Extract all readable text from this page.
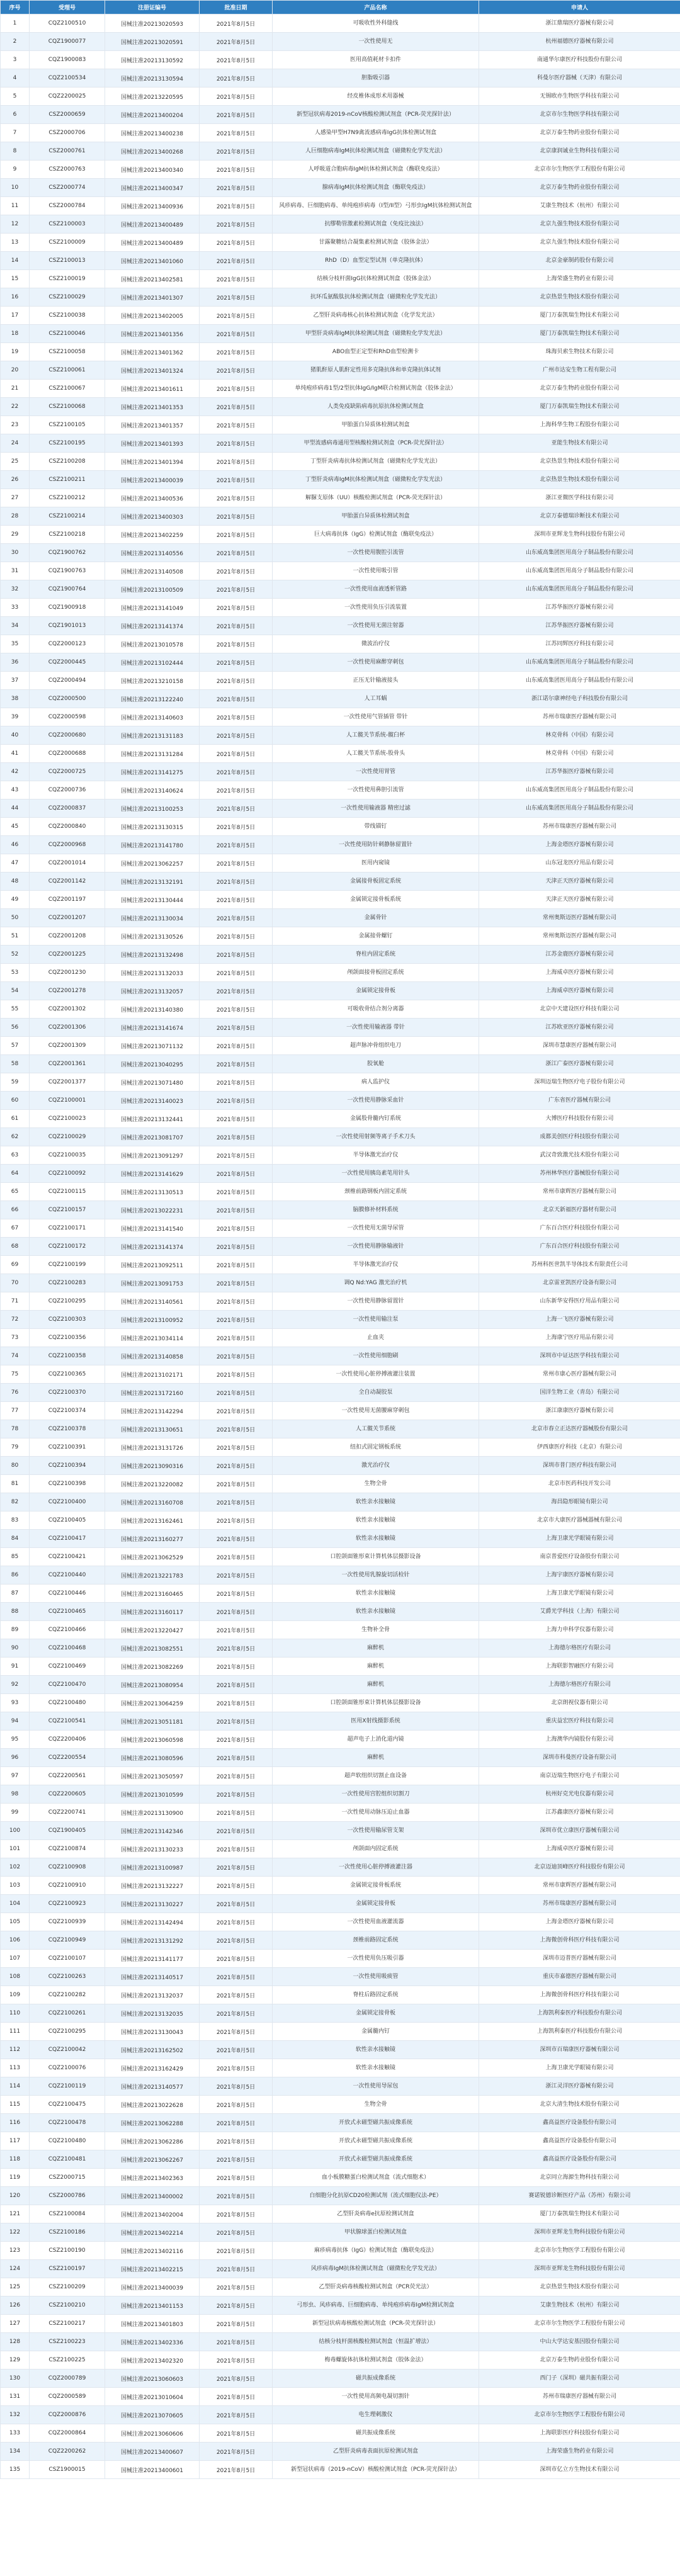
序号	受理号	注册证编号	批准日期	产品名称	申请人
1	CQZ2100510	国械注准20213020593	2021年8月5日	可吸收性外科缝线	浙江鼎瑞医疗器械有限公司
2	CQZ1900077	国械注准20213020591	2021年8月5日	一次性使用无	杭州福德医疗器械有限公司
3	CQZ1900083	国械注准20213130592	2021年8月5日	医用高值耗材卡扣件	南通华尔康医疗科技股份有限公司
4	CQZ2100534	国械注准20213130594	2021年8月5日	胆脂吸引器	科曼尔医疗器械（天津）有限公司
5	CQZ2200025	国械注准20213220595	2021年8月5日	经皮椎体成形术用器械	无锡欧亦生物医学科技有限公司
6	CSZ2000659	国械注准20213400204	2021年8月5日	新型冠状病毒2019-nCoV核酸检测试剂盒（PCR-荧光探针法）	北京市尔生物医学科技有限公司
7	CSZ2000706	国械注准20213400238	2021年8月5日	人感染甲型H7N9禽流感病毒IgG抗体检测试剂盒	北京万泰生物药业股份有限公司
8	CSZ2000761	国械注准20213400268	2021年8月5日	人巨细胞病毒IgM抗体检测试剂盒（磁微粒化学发光法）	北京康润诚业生物科技有限公司
9	CSZ2000763	国械注准20213400340	2021年8月5日	人呼吸道合胞病毒IgM抗体检测试剂盒（酶联免疫法）	北京市尔生物医学工程股份有限公司
10	CSZ2000774	国械注准20213400347	2021年8月5日	腺病毒IgM抗体检测试剂盒（酶联免疫法）	北京万泰生物药业股份有限公司
11	CSZ2000784	国械注准20213400936	2021年8月5日	风疹病毒、巨细胞病毒、单纯疱疹病毒（I型/II型）弓形虫IgM抗体检测试剂盒	艾康生物技术（杭州）有限公司
12	CSZ2100003	国械注准20213400489	2021年8月5日	抗缪勒管激素检测试剂盒（免疫比浊法）	北京九强生物技术股份有限公司
13	CSZ2100009	国械注准20213400489	2021年8月5日	甘露聚糖结合凝集素检测试剂盒（胶体金法）	北京九强生物技术股份有限公司
14	CSZ2100013	国械注准20213401060	2021年8月5日	RhD（D）血型定型试剂（单克隆抗体）	北京金豪制药股份有限公司
15	CSZ2100019	国械注准20213402581	2021年8月5日	结核分枝杆菌IgG抗体检测试剂盒（胶体金法）	上海荣盛生物药业有限公司
16	CSZ2100029	国械注准20213401307	2021年8月5日	抗环瓜氨酸肽抗体检测试剂盒（磁微粒化学发光法）	北京热景生物技术股份有限公司
17	CSZ2100038	国械注准20213402005	2021年8月5日	乙型肝炎病毒核心抗体检测试剂盒（化学发光法）	厦门万泰凯瑞生物技术有限公司
18	CSZ2100046	国械注准20213401356	2021年8月5日	甲型肝炎病毒IgM抗体检测试剂盒（磁微粒化学发光法）	厦门万泰凯瑞生物技术有限公司
19	CSZ2100058	国械注准20213401362	2021年8月5日	ABO血型正定型和RhD血型检测卡	珠海贝索生物技术有限公司
20	CSZ2100061	国械注准20213401324	2021年8月5日	猪肌酐原人肌酐定性用多克隆抗体和单克隆抗体试剂	广州市达安生物工程有限公司
21	CSZ2100067	国械注准20213401611	2021年8月5日	单纯疱疹病毒1型/2型抗体IgG/IgM联合检测试剂盒（胶体金法）	北京万泰生物药业股份有限公司
22	CSZ2100068	国械注准20213401353	2021年8月5日	人类免疫缺陷病毒抗原抗体检测试剂盒	厦门万泰凯瑞生物技术有限公司
23	CSZ2100105	国械注准20213401357	2021年8月5日	甲胎蛋白异质体检测试剂盒	上海科华生物工程股份有限公司
24	CSZ2100195	国械注准20213401393	2021年8月5日	甲型流感病毒通用型核酸检测试剂盒（PCR-荧光探针法）	亚能生物技术有限公司
25	CSZ2100208	国械注准20213401394	2021年8月5日	丁型肝炎病毒抗体检测试剂盒（磁微粒化学发光法）	北京热景生物技术股份有限公司
26	CSZ2100211	国械注准20213400039	2021年8月5日	丁型肝炎病毒IgM抗体检测试剂盒（磁微粒化学发光法）	北京热景生物技术股份有限公司
27	CSZ2100212	国械注准20213400536	2021年8月5日	解脲支原体（UU）核酸检测试剂盒（PCR-荧光探针法）	浙江亚微医学科技有限公司
28	CSZ2100214	国械注准20213400303	2021年8月5日	甲胎蛋白异质体检测试剂盒	北京万泰德瑞诊断技术有限公司
29	CSZ2100218	国械注准20213402259	2021年8月5日	巨大病毒抗体（IgG）检测试剂盒（酶联免疫法）	深圳市亚辉龙生物科技股份有限公司
30	CQZ1900762	国械注准20213140556	2021年8月5日	一次性使用腹腔引流管	山东威高集团医用高分子制品股份有限公司
31	CQZ1900763	国械注准20213140508	2021年8月5日	一次性使用吸引管	山东威高集团医用高分子制品股份有限公司
32	CQZ1900764	国械注准20213100509	2021年8月5日	一次性使用血液透析管路	山东威高集团医用高分子制品股份有限公司
33	CQZ1900918	国械注准20213141049	2021年8月5日	一次性使用负压引流装置	江苏华振医疗器械有限公司
34	CQZ1901013	国械注准20213141374	2021年8月5日	一次性使用无菌注射器	江苏华振医疗器械有限公司
35	CQZ2000123	国械注准20213010578	2021年8月5日	微波治疗仪	江苏同辉医疗科技有限公司
36	CQZ2000445	国械注准20213102444	2021年8月5日	一次性使用麻醉穿刺包	山东威高集团医用高分子制品股份有限公司
37	CQZ2000494	国械注准20213210158	2021年8月5日	正压无针输液接头	山东威高集团医用高分子制品股份有限公司
38	CQZ2000500	国械注准20213122240	2021年8月5日	人工耳蜗	浙江诺尔康神经电子科技股份有限公司
39	CQZ2000598	国械注准20213140603	2021年8月5日	一次性使用气管插管 带针	苏州市瑞康医疗器械有限公司
40	CQZ2000680	国械注准20213131183	2021年8月5日	人工髋关节系统-髋臼杯	林克骨科（中国）有限公司
41	CQZ2000688	国械注准20213131284	2021年8月5日	人工髋关节系统-股骨头	林克骨科（中国）有限公司
42	CQZ2000725	国械注准20213141275	2021年8月5日	一次性使用胃管	江苏华振医疗器械有限公司
43	CQZ2000736	国械注准20213140624	2021年8月5日	一次性使用鼻胆引流管	山东威高集团医用高分子制品股份有限公司
44	CQZ2000837	国械注准20213100253	2021年8月5日	一次性使用输液器 精密过滤	山东威高集团医用高分子制品股份有限公司
45	CQZ2000840	国械注准20213130315	2021年8月5日	带线锚钉	苏州市瑞康医疗器械有限公司
46	CQZ2000968	国械注准20213141780	2021年8月5日	一次性使用防针刺静脉留置针	上海金塔医疗器械有限公司
47	CQZ2001014	国械注准20213062257	2021年8月5日	医用内窥镜	山东冠龙医疗用品有限公司
48	CQZ2001142	国械注准20213132191	2021年8月5日	金属接骨板固定系统	天津正天医疗器械有限公司
49	CQZ2001197	国械注准20213130444	2021年8月5日	金属锁定接骨板系统	天津正天医疗器械有限公司
50	CQZ2001207	国械注准20213130034	2021年8月5日	金属骨针	常州奥斯迈医疗器械有限公司
51	CQZ2001208	国械注准20213130526	2021年8月5日	金属接骨螺钉	常州奥斯迈医疗器械有限公司
52	CQZ2001225	国械注准20213132498	2021年8月5日	脊柱内固定系统	江苏金鹿医疗器械有限公司
53	CQZ2001230	国械注准20213132033	2021年8月5日	颅颌面接骨板固定系统	上海威卓医疗器械有限公司
54	CQZ2001278	国械注准20213132057	2021年8月5日	金属锁定接骨板	上海威卓医疗器械有限公司
55	CQZ2001302	国械注准20213140380	2021年8月5日	可吸收骨结合剂分离器	北京中天建设医疗科技有限公司
56	CQZ2001306	国械注准20213141674	2021年8月5日	一次性使用输液器 带针	江苏欧亚医疗器械有限公司
57	CQZ2001309	国械注准20213071132	2021年8月5日	超声脉冲骨组织电刀	深圳市慧康医疗器械有限公司
58	CQZ2001361	国械注准20213040295	2021年8月5日	胶氧舱	浙江广泰医疗器械有限公司
59	CQZ2001377	国械注准20213071480	2021年8月5日	病人监护仪	深圳迈瑞生物医疗电子股份有限公司
60	CQZ2100001	国械注准20213140023	2021年8月5日	一次性使用静脉采血针	广东省医疗器械有限公司
61	CQZ2100023	国械注准20213132441	2021年8月5日	金属股骨髓内钉系统	大博医疗科技股份有限公司
62	CQZ2100029	国械注准20213081707	2021年8月5日	一次性使用射频等离子手术刀头	成都美创医疗科技股份有限公司
63	CQZ2100035	国械注准20213091297	2021年8月5日	半导体激光治疗仪	武汉奇致激光技术股份有限公司
64	CQZ2100092	国械注准20213141629	2021年8月5日	一次性使用胰岛素笔用针头	苏州林华医疗器械股份有限公司
65	CQZ2100115	国械注准20213130513	2021年8月5日	颈椎前路钢板内固定系统	常州市康辉医疗器械有限公司
66	CQZ2100157	国械注准20213022231	2021年8月5日	脑膜修补材料系统	北京天新福医疗器材有限公司
67	CQZ2100171	国械注准20213141540	2021年8月5日	一次性使用无菌导尿管	广东百合医疗科技股份有限公司
68	CQZ2100172	国械注准20213141374	2021年8月5日	一次性使用静脉输液针	广东百合医疗科技股份有限公司
69	CQZ2100199	国械注准20213092511	2021年8月5日	半导体激光治疗仪	苏州科医世凯半导体技术有限责任公司
70	CQZ2100283	国械注准20213091753	2021年8月5日	调Q Nd:YAG 激光治疗机	北京雷亚凯医疗设备有限公司
71	CQZ2100295	国械注准20213140561	2021年8月5日	一次性使用静脉留置针	山东新华安得医疗用品有限公司
72	CQZ2100303	国械注准20213100952	2021年8月5日	一次性使用输注泵	上海一飞医疗器械有限公司
73	CQZ2100356	国械注准20213034114	2021年8月5日	止血夹	上海康宁医疗用品有限公司
74	CQZ2100358	国械注准20213140858	2021年8月5日	一次性使用细胞刷	深圳市中证达医学科技有限公司
75	CQZ2100365	国械注准20213102171	2021年8月5日	一次性使用心脏停搏液灌注装置	常州市康心医疗器械有限公司
76	CQZ2100370	国械注准20213172160	2021年8月5日	全自动凝胶泵	国洋生物工业（青岛）有限公司
77	CQZ2100374	国械注准20213142294	2021年8月5日	一次性使用无菌腰麻穿刺包	浙江康康医疗器械有限公司
78	CQZ2100378	国械注准20213130651	2021年8月5日	人工髋关节系统	北京市春立正达医疗器械股份有限公司
79	CQZ2100391	国械注准20213131726	2021年8月5日	纽扣式固定钢板系统	伊西康医疗科技（北京）有限公司
80	CQZ2100394	国械注准20213090316	2021年8月5日	激光治疗仪	深圳市普门医疗科技有限公司
81	CQZ2100398	国械注准20213220082	2021年8月5日	生物全骨	北京市医药科技开发公司
82	CQZ2100400	国械注准20213160708	2021年8月5日	软性亲水接触镜	海昌隐形眼镜有限公司
83	CQZ2100405	国械注准20213162461	2021年8月5日	软性亲水接触镜	北京市大康医疗器械器械有限公司
84	CQZ2100417	国械注准20213160277	2021年8月5日	软性亲水接触镜	上海卫康光学眼镜有限公司
85	CQZ2100421	国械注准20213062529	2021年8月5日	口腔颌面锥形束计算机体层摄影设备	南京普爱医疗设备股份有限公司
86	CQZ2100440	国械注准20213221783	2021年8月5日	一次性使用乳腺旋切活检针	上海宇康医疗器械有限公司
87	CQZ2100446	国械注准20213160465	2021年8月5日	软性亲水接触镜	上海卫康光学眼镜有限公司
88	CQZ2100465	国械注准20213160117	2021年8月5日	软性亲水接触镜	艾爵光学科技（上海）有限公司
89	CQZ2100466	国械注准20213220427	2021年8月5日	生物补全骨	上海力申科学仪器有限公司
90	CQZ2100468	国械注准20213082551	2021年8月5日	麻醉机	上海德尔格医疗有限公司
91	CQZ2100469	国械注准20213082269	2021年8月5日	麻醉机	上海联影智融医疗有限公司
92	CQZ2100470	国械注准20213080954	2021年8月5日	麻醉机	上海德尔格医疗有限公司
93	CQZ2100480	国械注准20213064259	2021年8月5日	口腔颌面锥形束计算机体层摄影设备	北京朗视仪器有限公司
94	CQZ2100541	国械注准20213051181	2021年8月5日	医用X射线摄影系统	重庆益宏医疗科技有限公司
95	CQZ2200406	国械注准20213060598	2021年8月5日	超声电子上消化道内镜	上海澳华内镜股份有限公司
96	CQZ2200554	国械注准20213080596	2021年8月5日	麻醉机	深圳市科曼医疗设备有限公司
97	CQZ2200561	国械注准20213050597	2021年8月5日	超声软组织切割止血设备	南京迈瑞生物医疗电子有限公司
98	CQZ2200605	国械注准20213010599	2021年8月5日	一次性使用宫腔组织切割刀	杭州好克光电仪器有限公司
99	CQZ2200741	国械注准20213130900	2021年8月5日	一次性使用动脉压迫止血器	江苏鑫康医疗器械有限公司
100	CQZ1900405	国械注准20213142346	2021年8月5日	一次性使用输尿管支架	深圳市优立康医疗器械有限公司
101	CQZ2100874	国械注准20213130233	2021年8月5日	颅颌面内固定系统	上海威卓医疗器械有限公司
102	CQZ2100908	国械注准20213100987	2021年8月5日	一次性使用心脏停搏液灌注器	北京迈迪顶峰医疗科技股份有限公司
103	CQZ2100910	国械注准20213132227	2021年8月5日	金属锁定接骨板系统	常州市康辉医疗器械有限公司
104	CQZ2100923	国械注准20213130227	2021年8月5日	金属锁定接骨板	苏州市瑞康医疗器械有限公司
105	CQZ2100939	国械注准20213142494	2021年8月5日	一次性使用血液灌流器	上海金塔医疗器械有限公司
106	CQZ2100949	国械注准20213131292	2021年8月5日	颈椎前路固定系统	上海微创骨科医疗科技有限公司
107	CQZ2100107	国械注准20213141177	2021年8月5日	一次性使用负压吸引器	深圳市迈普医疗器械有限公司
108	CQZ2100263	国械注准20213140517	2021年8月5日	一次性使用吸痰管	重庆市嘉德医疗器械有限公司
109	CQZ2100282	国械注准20213132037	2021年8月5日	脊柱后路固定系统	上海微创骨科医疗科技有限公司
110	CQZ2100261	国械注准20213132035	2021年8月5日	金属锁定接骨板	上海凯利泰医疗科技股份有限公司
111	CQZ2100295	国械注准20213130043	2021年8月5日	金属髓内钉	上海凯利泰医疗科技股份有限公司
112	CQZ2100042	国械注准20213162502	2021年8月5日	软性亲水接触镜	深圳市百瑞康医疗器械有限公司
113	CQZ2100076	国械注准20213162429	2021年8月5日	软性亲水接触镜	上海卫康光学眼镜有限公司
114	CQZ2100119	国械注准20213140577	2021年8月5日	一次性使用导尿包	浙江灵洋医疗器械有限公司
115	CQZ2100475	国械注准20213022628	2021年8月5日	生物全骨	北京大清生物技术股份有限公司
116	CQZ2100478	国械注准20213062288	2021年8月5日	开放式永磁型磁共振成像系统	鑫高益医疗设备股份有限公司
117	CQZ2100480	国械注准20213062286	2021年8月5日	开放式永磁型磁共振成像系统	鑫高益医疗设备股份有限公司
118	CQZ2100481	国械注准20213062267	2021年8月5日	开放式永磁型磁共振成像系统	鑫高益医疗设备股份有限公司
119	CSZ2000715	国械注准20213402363	2021年8月5日	血小板膜糖蛋白检测试剂盒（流式细胞术）	北京同立海源生物科技有限公司
120	CSZ2000786	国械注准20213400002	2021年8月5日	白细胞分化抗原CD20检测试剂（流式细胞仪法-PE）	赛诺锐德诊断医疗产品（苏州）有限公司
121	CSZ2100084	国械注准20213402004	2021年8月5日	乙型肝炎病毒e抗原检测试剂盒	厦门万泰凯瑞生物技术有限公司
122	CSZ2100186	国械注准20213402214	2021年8月5日	甲状腺球蛋白检测试剂盒	深圳市亚辉龙生物科技股份有限公司
123	CSZ2100190	国械注准20213402116	2021年8月5日	麻疹病毒抗体（IgG）检测试剂盒（酶联免疫法）	北京市尔生物医学工程股份有限公司
124	CSZ2100197	国械注准20213402215	2021年8月5日	风疹病毒IgM抗体检测试剂盒（磁微粒化学发光法）	深圳市亚辉龙生物科技股份有限公司
125	CSZ2100209	国械注准20213400039	2021年8月5日	乙型肝炎病毒核酸检测试剂盒（PCR荧光法）	北京热景生物技术股份有限公司
126	CSZ2100210	国械注准20213401153	2021年8月5日	弓形虫、风疹病毒、巨细胞病毒、单纯疱疹病毒IgM检测试剂盒	艾康生物技术（杭州）有限公司
127	CSZ2100217	国械注准20213401803	2021年8月5日	新型冠状病毒核酸检测试剂盒（PCR-荧光探针法）	北京市尔生物医学工程股份有限公司
128	CSZ2100223	国械注准20213402336	2021年8月5日	结核分枝杆菌核酸检测试剂盒（恒温扩增法）	中山大学达安基因股份有限公司
129	CSZ2100225	国械注准20213402320	2021年8月5日	梅毒螺旋体抗体检测试剂盒（胶体金法）	北京万泰生物药业股份有限公司
130	CQZ2000789	国械注准20213060603	2021年8月5日	磁共振成像系统	西门子（深圳）磁共振有限公司
131	CQZ2000589	国械注准20213010604	2021年8月5日	一次性使用高频电凝切割针	苏州市瑞康医疗器械有限公司
132	CQZ2000876	国械注准20213070605	2021年8月5日	电生理刺激仪	北京市尔生物医学工程股份有限公司
133	CQZ2000864	国械注准20213060606	2021年8月5日	磁共振成像系统	上海联影医疗科技股份有限公司
134	CQZ2200262	国械注准20213400607	2021年8月5日	乙型肝炎病毒表面抗原检测试剂盒	上海荣盛生物药业有限公司
135	CSZ1900015	国械注准20213400601	2021年8月5日	新型冠状病毒（2019-nCoV）核酸检测试剂盒（PCR-荧光探针法）	深圳市亿立方生物技术有限公司
